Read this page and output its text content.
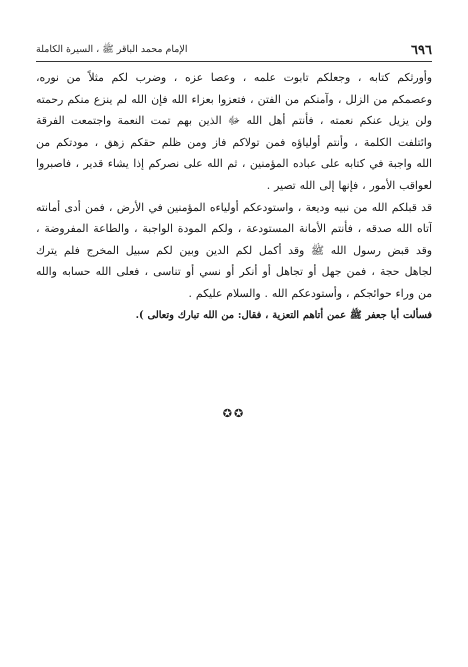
٦٩٦
الإمام محمد الباقر ﷺ ، السيرة الكاملة
وأورثكم كتابه ، وجعلكم تابوت علمه ، وعصا عزه ، وضرب لكم مثلاً من نوره،
وعصمكم من الزلل ، وآمنكم من الفتن ، فتعزوا بعزاء الله فإن الله لم ينزع منكم رحمته
ولن يزيل عنكم نعمته ، فأنتم أهل الله ﷻ الذين بهم تمت النعمة واجتمعت الفرقة
وائتلفت الكلمة ، وأنتم أولياؤه فمن تولاكم فاز ومن ظلم حقكم زهق ، مودتكم من
الله واجبة في كتابه على عباده المؤمنين ، ثم الله على نصركم إذا يشاء قدير ، فاصبروا
لعواقب الأمور ، فإنها إلى الله تصير .
قد قبلكم الله من نبيه وديعة ، واستودعكم أولياءه المؤمنين في الأرض ، فمن أدى أمانته
آتاه الله صدقه ، فأنتم الأمانة المستودعة ، ولكم المودة الواجبة ، والطاعة المفروضة ،
وقد قبض رسول الله ﷺ وقد أكمل لكم الدين وبين لكم سبيل المخرج فلم يترك
لجاهل حجة ، فمن جهل أو تجاهل أو أنكر أو نسي أو تناسى ، فعلى الله حسابه والله
من وراء حوائجكم ، وأستودعكم الله . والسلام عليكم .
فسألت أبا جعفر ﷺ عمن أتاهم التعزية ، فقال: من الله تبارك وتعالى ).
✪✪
